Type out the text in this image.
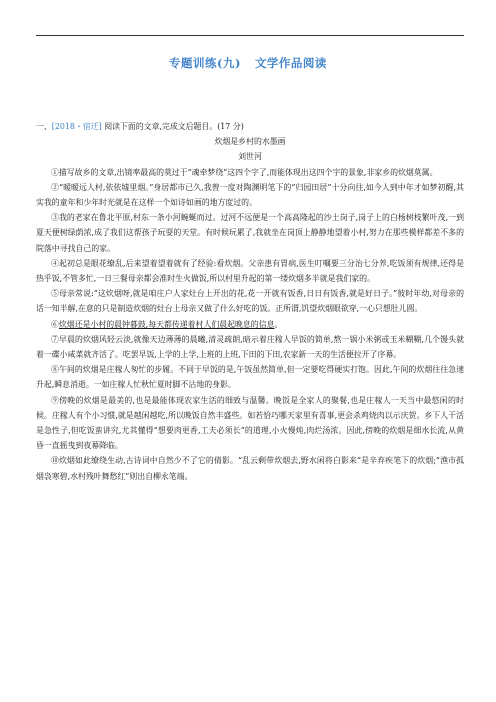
专题训练(九) 文学作品阅读

一、[2018・宿迁] 阅读下面的文章,完成文后题目。(17 分)

炊烟是乡村的水墨画

刘世河

①描写故乡的文章,出镜率最高的莫过于“魂牵梦绕”这四个字了,而能体现出这四个字的景象,非家乡的炊烟莫属。

②“暧暧远人村,依依墟里烟。”身居都市已久,我曾一度对陶渊明笔下的“归园田居”十分向往,如今人到中年才如梦初醒,其实我的童年和少年时光就是在这样一个如诗如画的地方度过的。

③我的老家在鲁北平原,村东一条小河蜿蜒而过。过河不远便是一个高高隆起的沙土岗子,岗子上的白杨树枝繁叶茂,一到夏天便树绿荫浓,成了我们这帮孩子玩耍的天堂。有时候玩累了,我就坐在岗顶上静静地望着小村,努力在那些模样都差不多的院落中寻找自己的家。

④起初总是眼花缭乱,后来望着望着就有了经验:看炊烟。父亲患有胃病,医生叮嘱要三分治七分养,吃饭须有规律,还得是热乎饭,不管多忙,一日三餐母亲都会准时生火做饭,所以村里升起的第一缕炊烟多半就是我们家的。

⑤母亲常说:“这炊烟呀,就是咱庄户人家灶台上开出的花,花一开就有饭香,日日有饭香,就是好日子。”彼时年幼,对母亲的话一知半解,在意的只是制造炊烟的灶台上母亲又做了什么好吃的饭。正所谓,饥望炊烟眼欲穿,一心只想肚儿圆。

⑥炊烟还是小村的晨钟暮鼓,每天都传递着村人们晨起晚息的信息。

⑦早晨的炊烟风轻云淡,就像天边薄薄的晨曦,清灵疏朗,暗示着庄稼人早饭的简单,熬一锅小米粥或玉米糊糊,几个馒头就着一碟小咸菜就齐活了。吃罢早饭,上学的上学,上班的上班,下田的下田,农家新一天的生活便拉开了序幕。

⑧午间的炊烟是庄稼人匆忙的步履。不同于早饭的是,午饭虽然简单,但一定要吃得硬实打饱。因此,午间的炊烟往往急速升起,瞬息消逝。一如庄稼人忙秋忙夏时脚不沾地的身影。

⑨傍晚的炊烟是最美的,也是最能体现农家生活的细致与温馨。晚饭是全家人的聚餐,也是庄稼人一天当中最悠闲的时候。庄稼人有个小习惯,就是越闲越吃,所以晚饭自然丰盛些。如若恰巧哪天家里有喜事,更会杀鸡烧肉以示庆贺。乡下人干活是急性子,但吃饭蛮讲究,尤其懂得“想要肉更香,工夫必须长”的道理,小火慢炖,肉烂汤浓。因此,傍晚的炊烟是细水长流,从黄昏一直摇曳到夜幕降临。

⑩炊烟如此缭绕生动,古诗词中自然少不了它的倩影。“乱云剩带炊烟去,野水闲将白影来”是辛弃疾笔下的炊烟;“渔市孤烟袅寒碧,水村残叶舞愁红”则出自柳永笔端。
